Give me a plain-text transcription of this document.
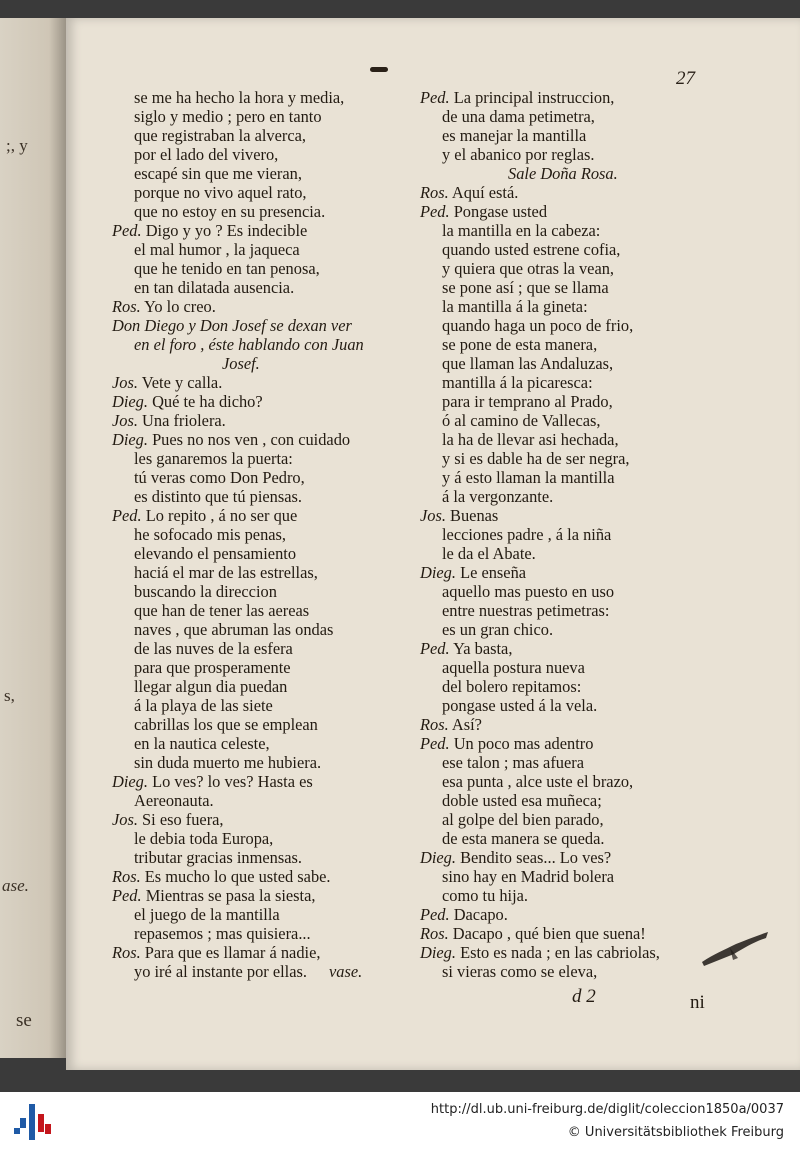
;, y
s,
ase.
se
27
se me ha hecho la hora y media,
siglo y medio ; pero en tanto
que registraban la alverca,
por el lado del vivero,
escapé sin que me vieran,
porque no vivo aquel rato,
que no estoy en su presencia.
Ped. Digo y yo ? Es indecible
el mal humor , la jaqueca
que he tenido en tan penosa,
en tan dilatada ausencia.
Ros. Yo lo creo.
Don Diego y Don Josef se dexan ver
en el foro , éste hablando con Juan
Josef.
Jos. Vete y calla.
Dieg. Qué te ha dicho?
Jos. Una friolera.
Dieg. Pues no nos ven , con cuidado
les ganaremos la puerta:
tú veras como Don Pedro,
es distinto que tú piensas.
Ped. Lo repito , á no ser que
he sofocado mis penas,
elevando el pensamiento
haciá el mar de las estrellas,
buscando la direccion
que han de tener las aereas
naves , que abruman las ondas
de las nuves de la esfera
para que prosperamente
llegar algun dia puedan
á la playa de las siete
cabrillas los que se emplean
en la nautica celeste,
sin duda muerto me hubiera.
Dieg. Lo ves? lo ves? Hasta es
Aereonauta.
Jos. Si eso fuera,
le debia toda Europa,
tributar gracias inmensas.
Ros. Es mucho lo que usted sabe.
Ped. Mientras se pasa la siesta,
el juego de la mantilla
repasemos ; mas quisiera...
Ros. Para que es llamar á nadie,
yo iré al instante por ellas. vase.
Ped. La principal instruccion,
de una dama petimetra,
es manejar la mantilla
y el abanico por reglas.
Sale Doña Rosa.
Ros. Aquí está.
Ped. Pongase usted
la mantilla en la cabeza:
quando usted estrene cofia,
y quiera que otras la vean,
se pone así ; que se llama
la mantilla á la gineta:
quando haga un poco de frio,
se pone de esta manera,
que llaman las Andaluzas,
mantilla á la picaresca:
para ir temprano al Prado,
ó al camino de Vallecas,
la ha de llevar asi hechada,
y si es dable ha de ser negra,
y á esto llaman la mantilla
á la vergonzante.
Jos. Buenas
lecciones padre , á la niña
le da el Abate.
Dieg. Le enseña
aquello mas puesto en uso
entre nuestras petimetras:
es un gran chico.
Ped. Ya basta,
aquella postura nueva
del bolero repitamos:
pongase usted á la vela.
Ros. Así?
Ped. Un poco mas adentro
ese talon ; mas afuera
esa punta , alce uste el brazo,
doble usted esa muñeca;
al golpe del bien parado,
de esta manera se queda.
Dieg. Bendito seas... Lo ves?
sino hay en Madrid bolera
como tu hija.
Ped. Dacapo.
Ros. Dacapo , qué bien que suena!
Dieg. Esto es nada ; en las cabriolas,
si vieras como se eleva,
d 2	ni
http://dl.ub.uni-freiburg.de/diglit/coleccion1850a/0037
© Universitätsbibliothek Freiburg
